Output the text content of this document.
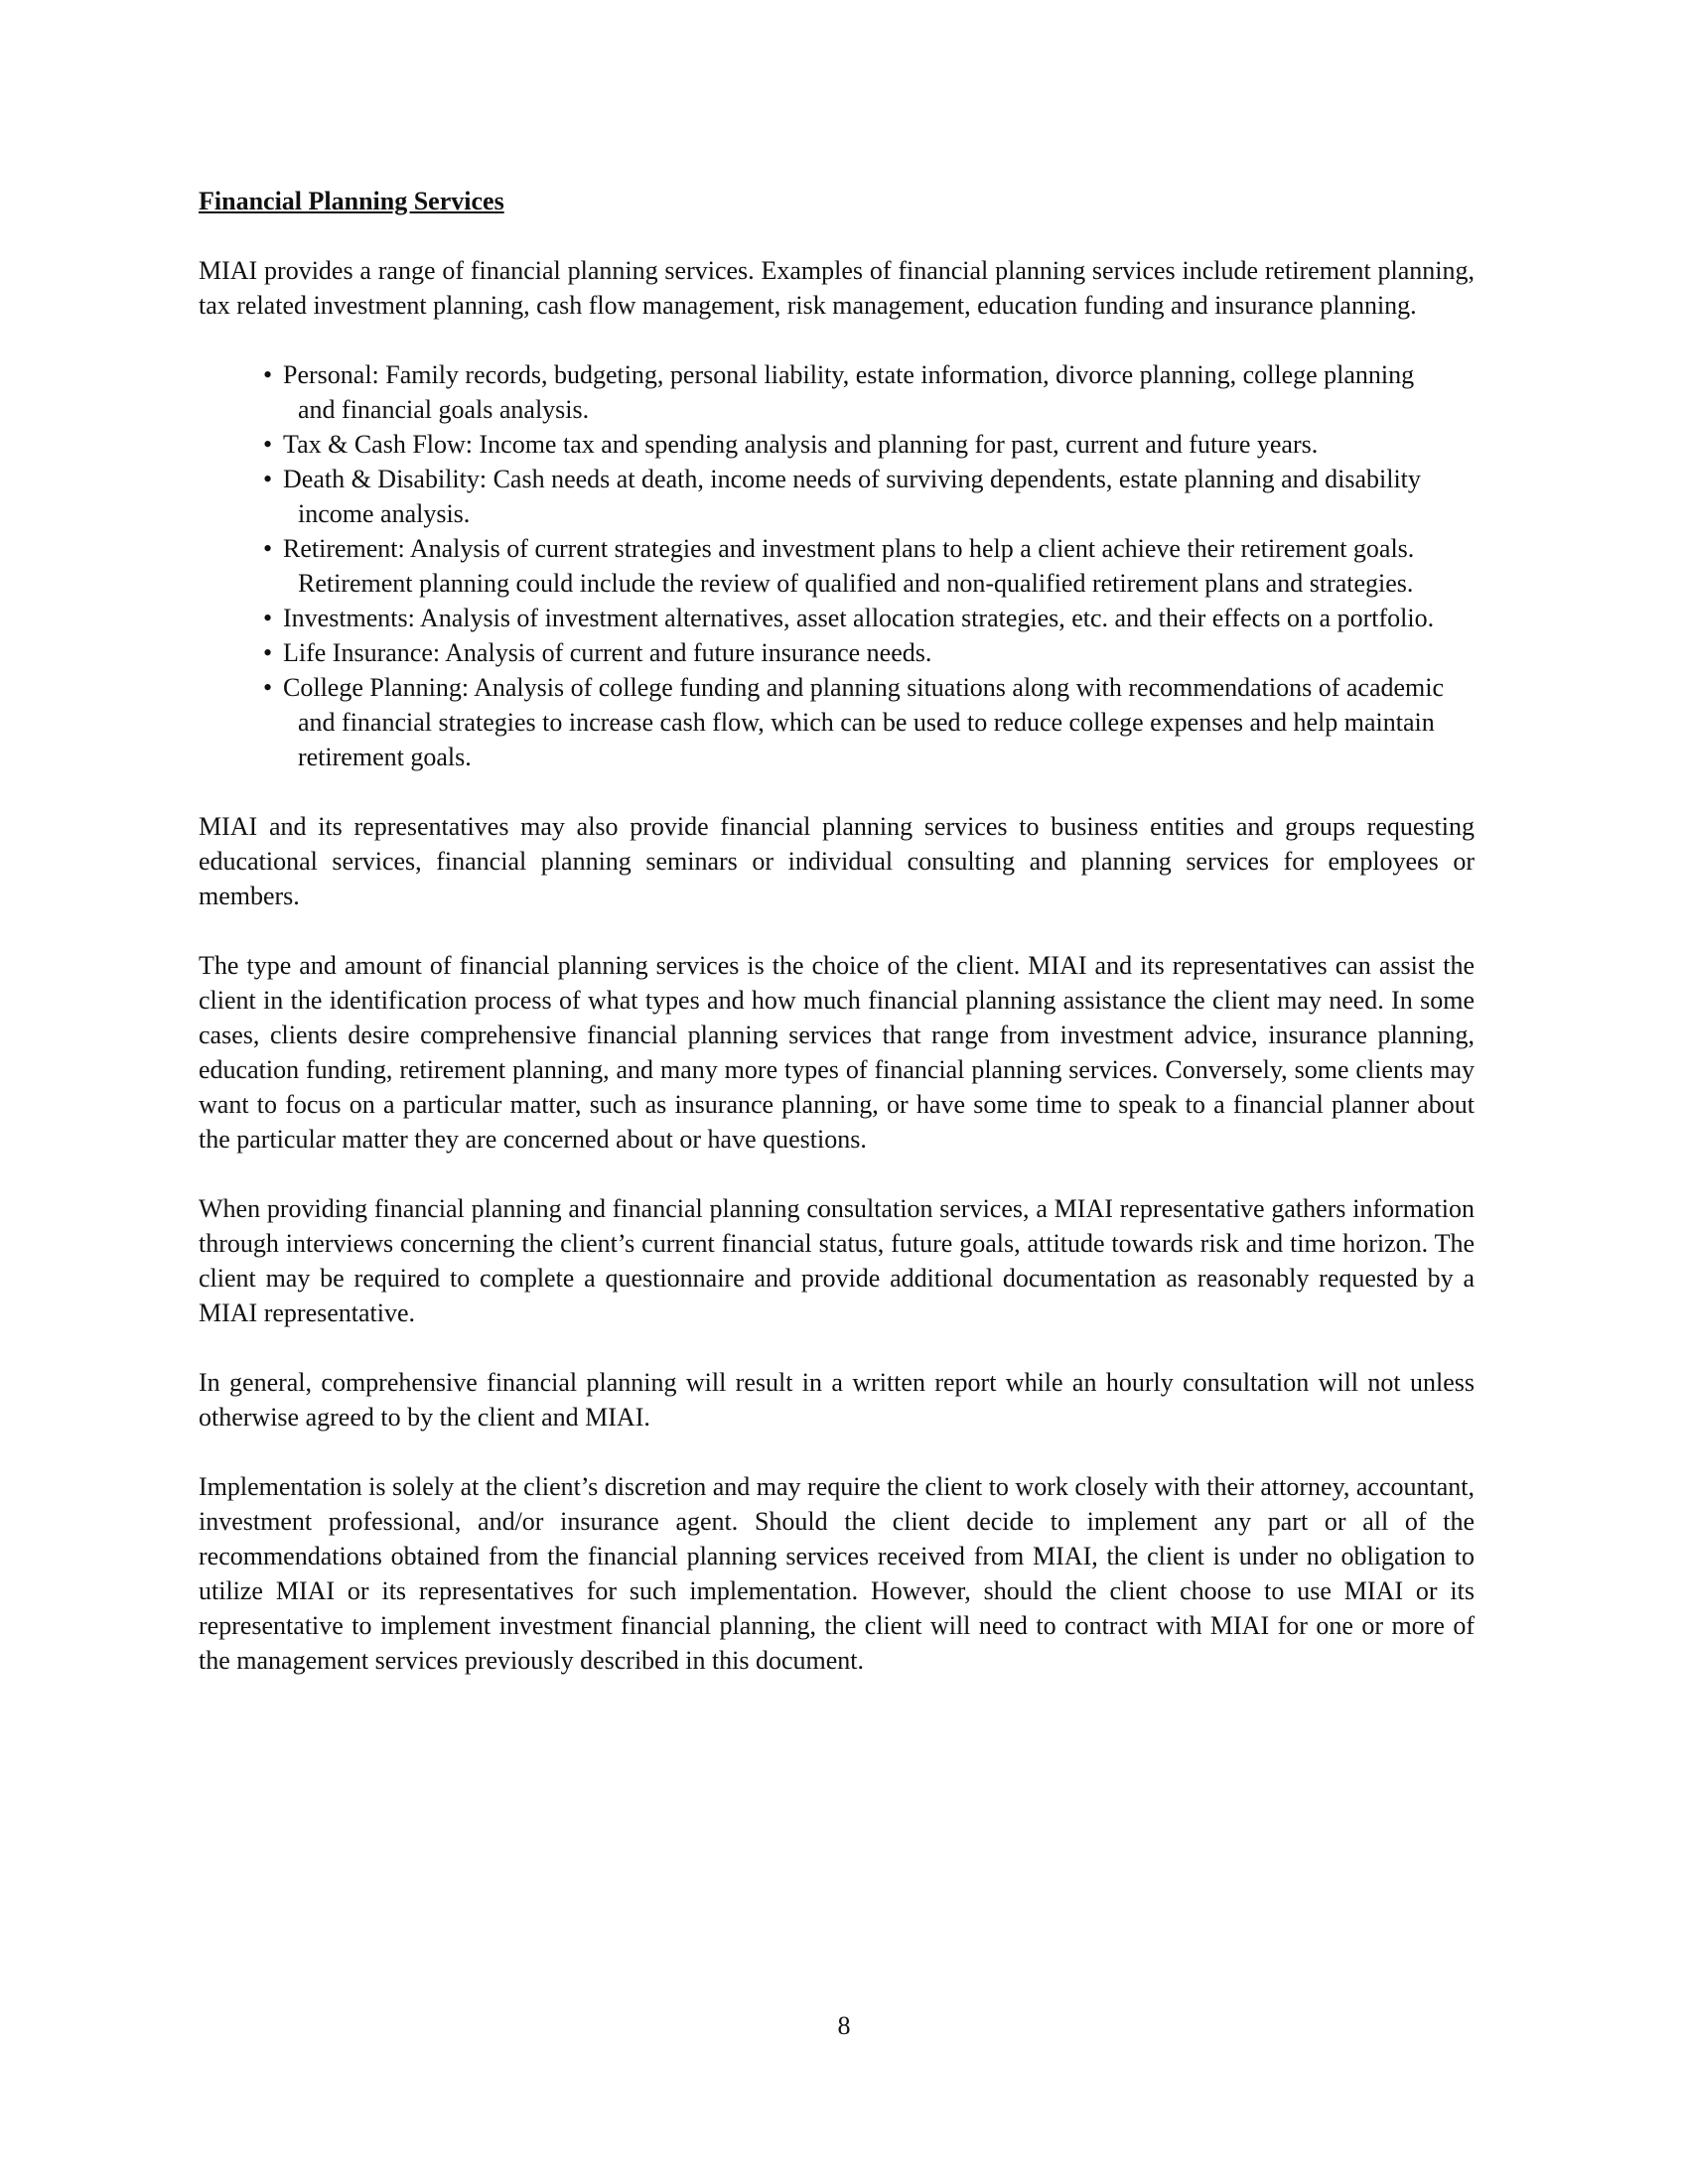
Financial Planning Services
MIAI provides a range of financial planning services. Examples of financial planning services include retirement planning, tax related investment planning, cash flow management, risk management, education funding and insurance planning.
• Personal: Family records, budgeting, personal liability, estate information, divorce planning, college planning and financial goals analysis.
• Tax & Cash Flow: Income tax and spending analysis and planning for past, current and future years.
• Death & Disability: Cash needs at death, income needs of surviving dependents, estate planning and disability income analysis.
• Retirement: Analysis of current strategies and investment plans to help a client achieve their retirement goals. Retirement planning could include the review of qualified and non-qualified retirement plans and strategies.
• Investments: Analysis of investment alternatives, asset allocation strategies, etc. and their effects on a portfolio.
• Life Insurance: Analysis of current and future insurance needs.
• College Planning: Analysis of college funding and planning situations along with recommendations of academic and financial strategies to increase cash flow, which can be used to reduce college expenses and help maintain retirement goals.
MIAI and its representatives may also provide financial planning services to business entities and groups requesting educational services, financial planning seminars or individual consulting and planning services for employees or members.
The type and amount of financial planning services is the choice of the client. MIAI and its representatives can assist the client in the identification process of what types and how much financial planning assistance the client may need. In some cases, clients desire comprehensive financial planning services that range from investment advice, insurance planning, education funding, retirement planning, and many more types of financial planning services. Conversely, some clients may want to focus on a particular matter, such as insurance planning, or have some time to speak to a financial planner about the particular matter they are concerned about or have questions.
When providing financial planning and financial planning consultation services, a MIAI representative gathers information through interviews concerning the client’s current financial status, future goals, attitude towards risk and time horizon. The client may be required to complete a questionnaire and provide additional documentation as reasonably requested by a MIAI representative.
In general, comprehensive financial planning will result in a written report while an hourly consultation will not unless otherwise agreed to by the client and MIAI.
Implementation is solely at the client’s discretion and may require the client to work closely with their attorney, accountant, investment professional, and/or insurance agent. Should the client decide to implement any part or all of the recommendations obtained from the financial planning services received from MIAI, the client is under no obligation to utilize MIAI or its representatives for such implementation. However, should the client choose to use MIAI or its representative to implement investment financial planning, the client will need to contract with MIAI for one or more of the management services previously described in this document.
8
